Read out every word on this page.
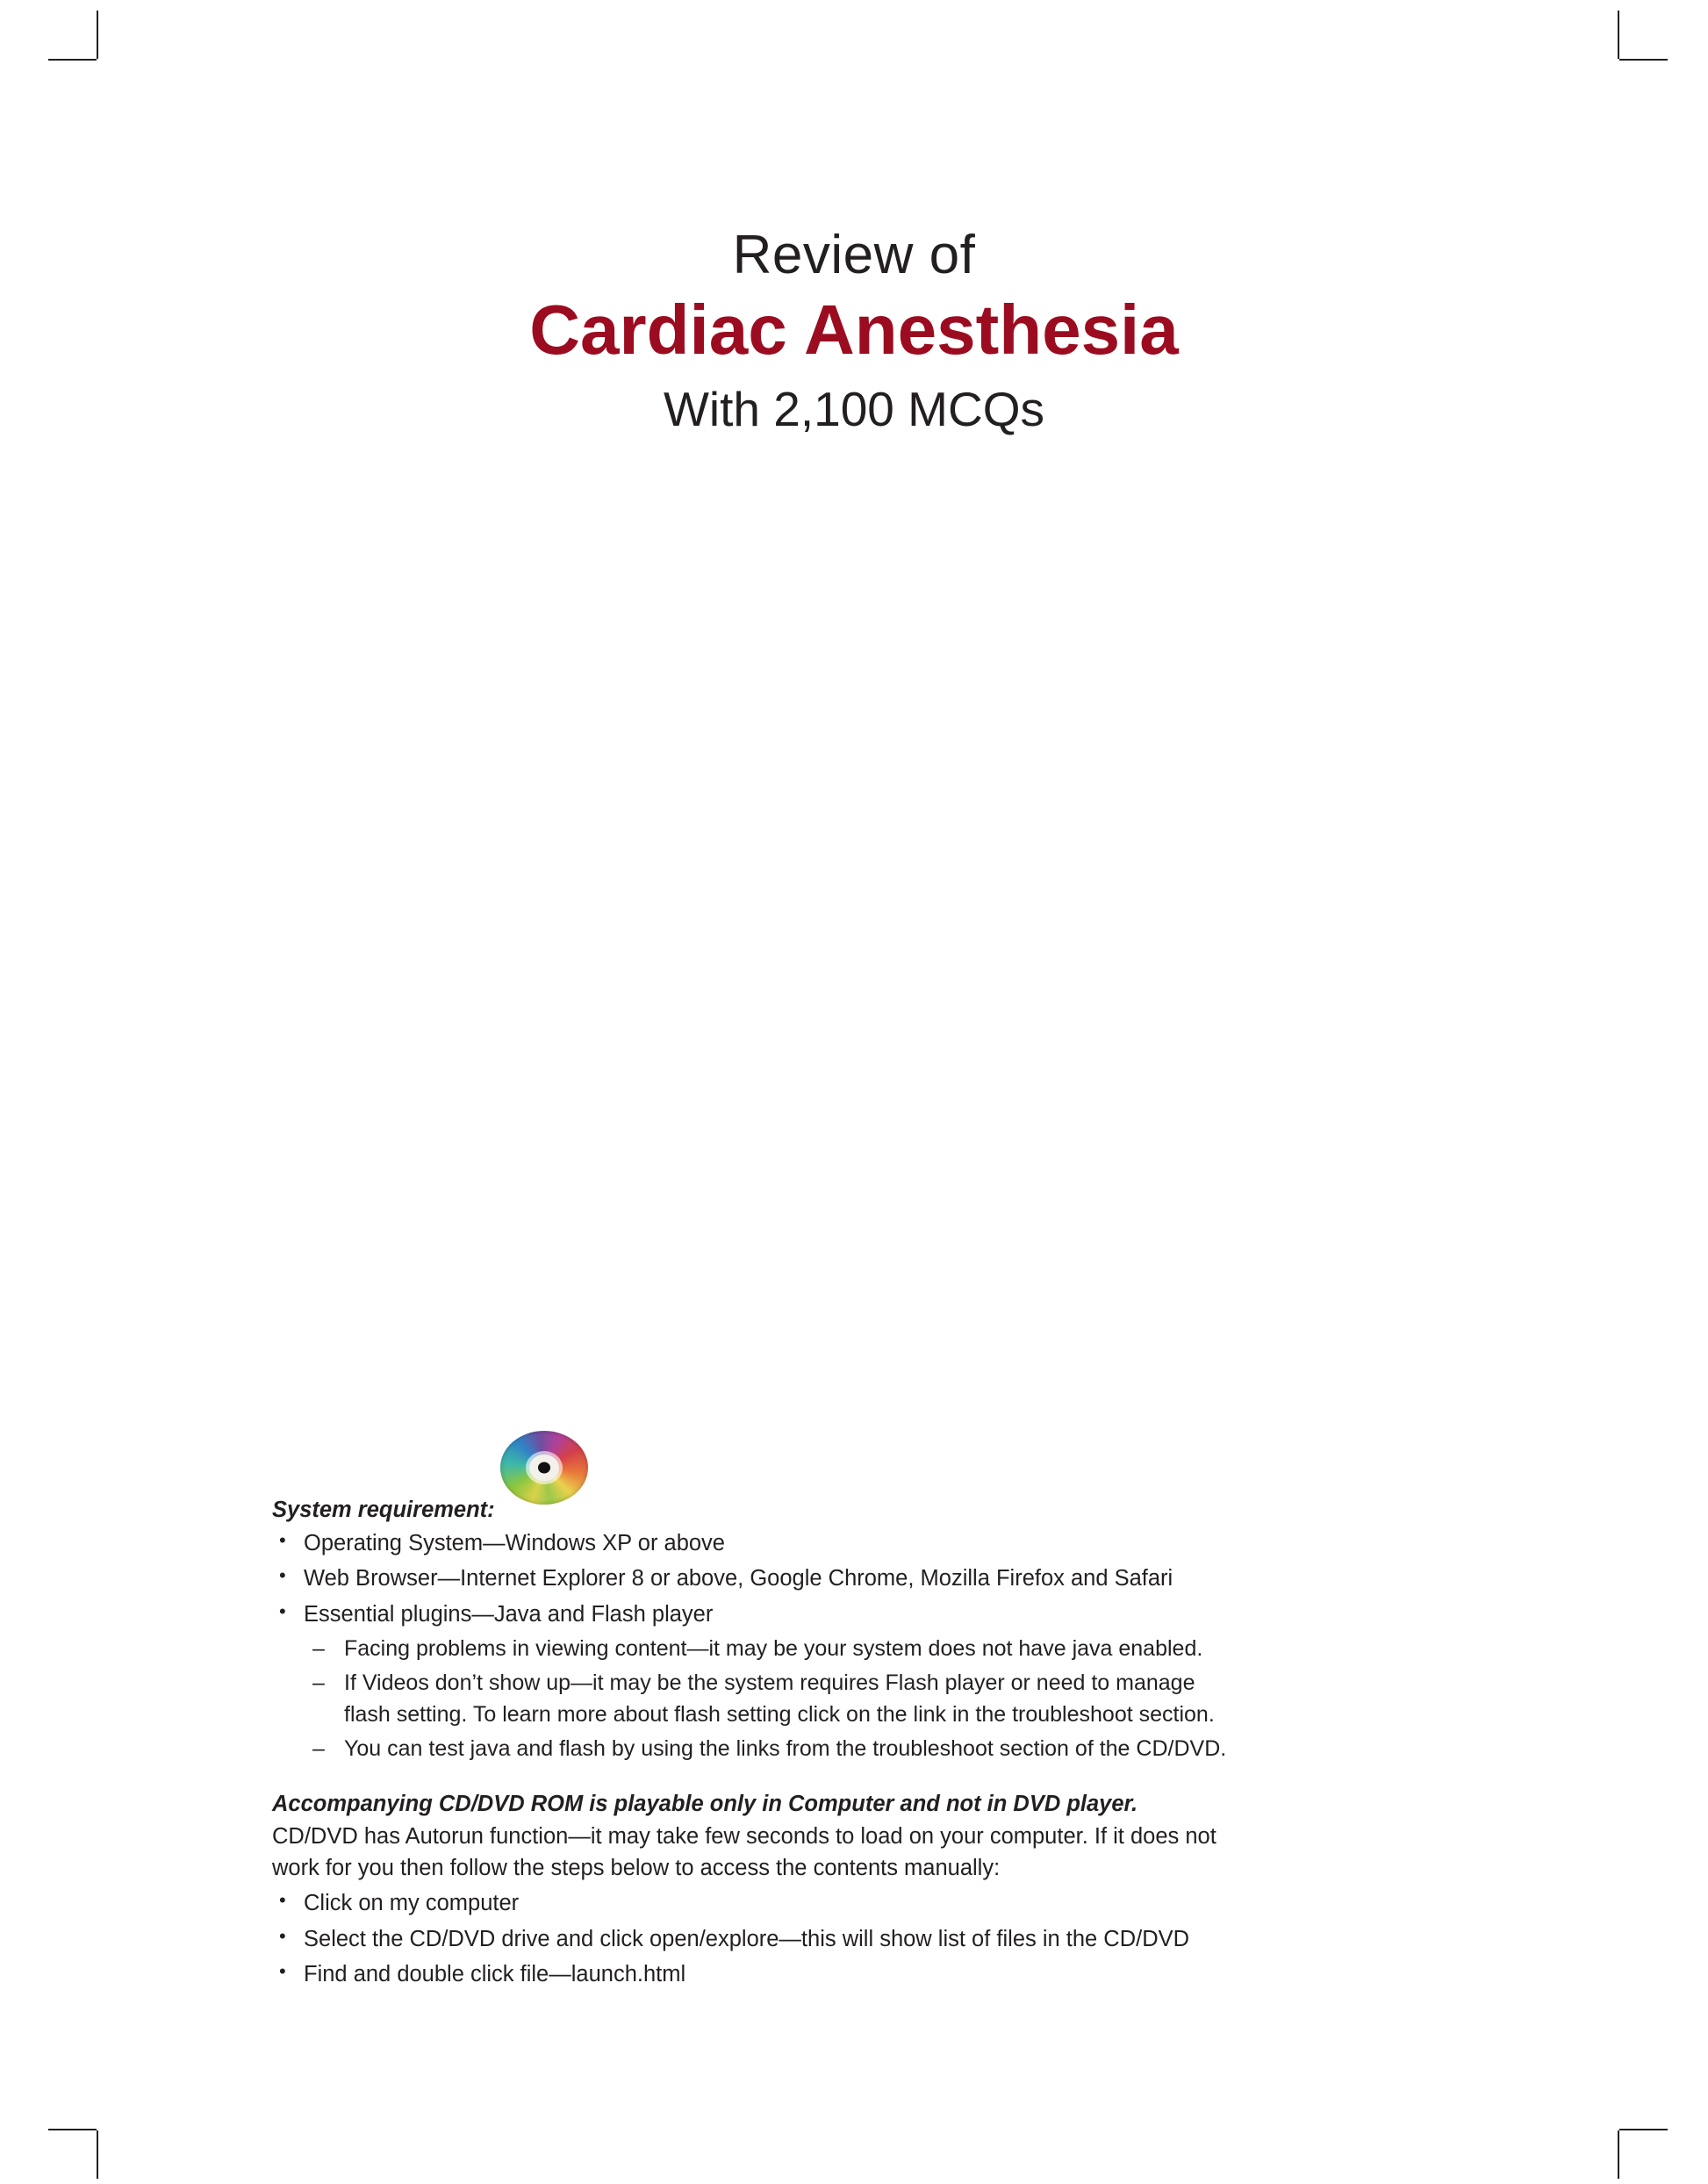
Review of
Cardiac Anesthesia
With 2,100 MCQs
System requirement:
• Operating System—Windows XP or above
• Web Browser—Internet Explorer 8 or above, Google Chrome, Mozilla Firefox and Safari
• Essential plugins—Java and Flash player
– Facing problems in viewing content—it may be your system does not have java enabled.
– If Videos don’t show up—it may be the system requires Flash player or need to manage flash setting. To learn more about flash setting click on the link in the troubleshoot section.
– You can test java and flash by using the links from the troubleshoot section of the CD/DVD.
Accompanying CD/DVD ROM is playable only in Computer and not in DVD player.

CD/DVD has Autorun function—it may take few seconds to load on your computer. If it does not work for you then follow the steps below to access the contents manually:

• Click on my computer
• Select the CD/DVD drive and click open/explore—this will show list of files in the CD/DVD
• Find and double click file—launch.html
